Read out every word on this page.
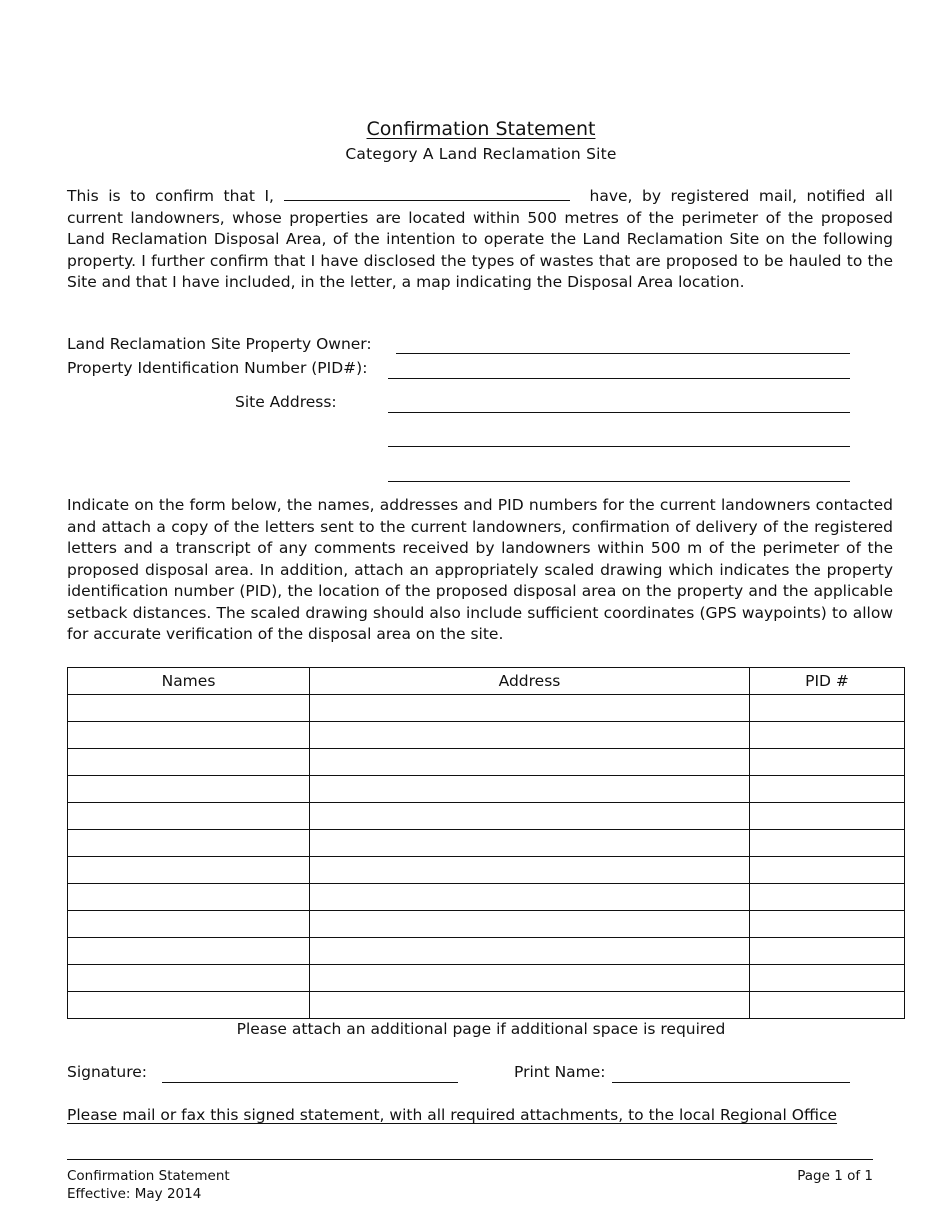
Confirmation Statement
Category A Land Reclamation Site

This is to confirm that I,	have, by registered mail, notified all current landowners, whose properties are located within 500 metres of the perimeter of the proposed Land Reclamation Disposal Area, of the intention to operate the Land Reclamation Site on the following property. I further confirm that I have disclosed the types of wastes that are proposed to be hauled to the Site and that I have included, in the letter, a map indicating the Disposal Area location.

Land Reclamation Site Property Owner:
Property Identification Number (PID#):
Site Address:

Indicate on the form below, the names, addresses and PID numbers for the current landowners contacted and attach a copy of the letters sent to the current landowners, confirmation of delivery of the registered letters and a transcript of any comments received by landowners within 500 m of the perimeter of the proposed disposal area. In addition, attach an appropriately scaled drawing which indicates the property identification number (PID), the location of the proposed disposal area on the property and the applicable setback distances. The scaled drawing should also include sufficient coordinates (GPS waypoints) to allow for accurate verification of the disposal area on the site.

Names	Address	PID #

Please attach an additional page if additional space is required
Signature:	Print Name:
Please mail or fax this signed statement, with all required attachments, to the local Regional Office
Confirmation Statement
Effective: May 2014
Page 1 of 1
